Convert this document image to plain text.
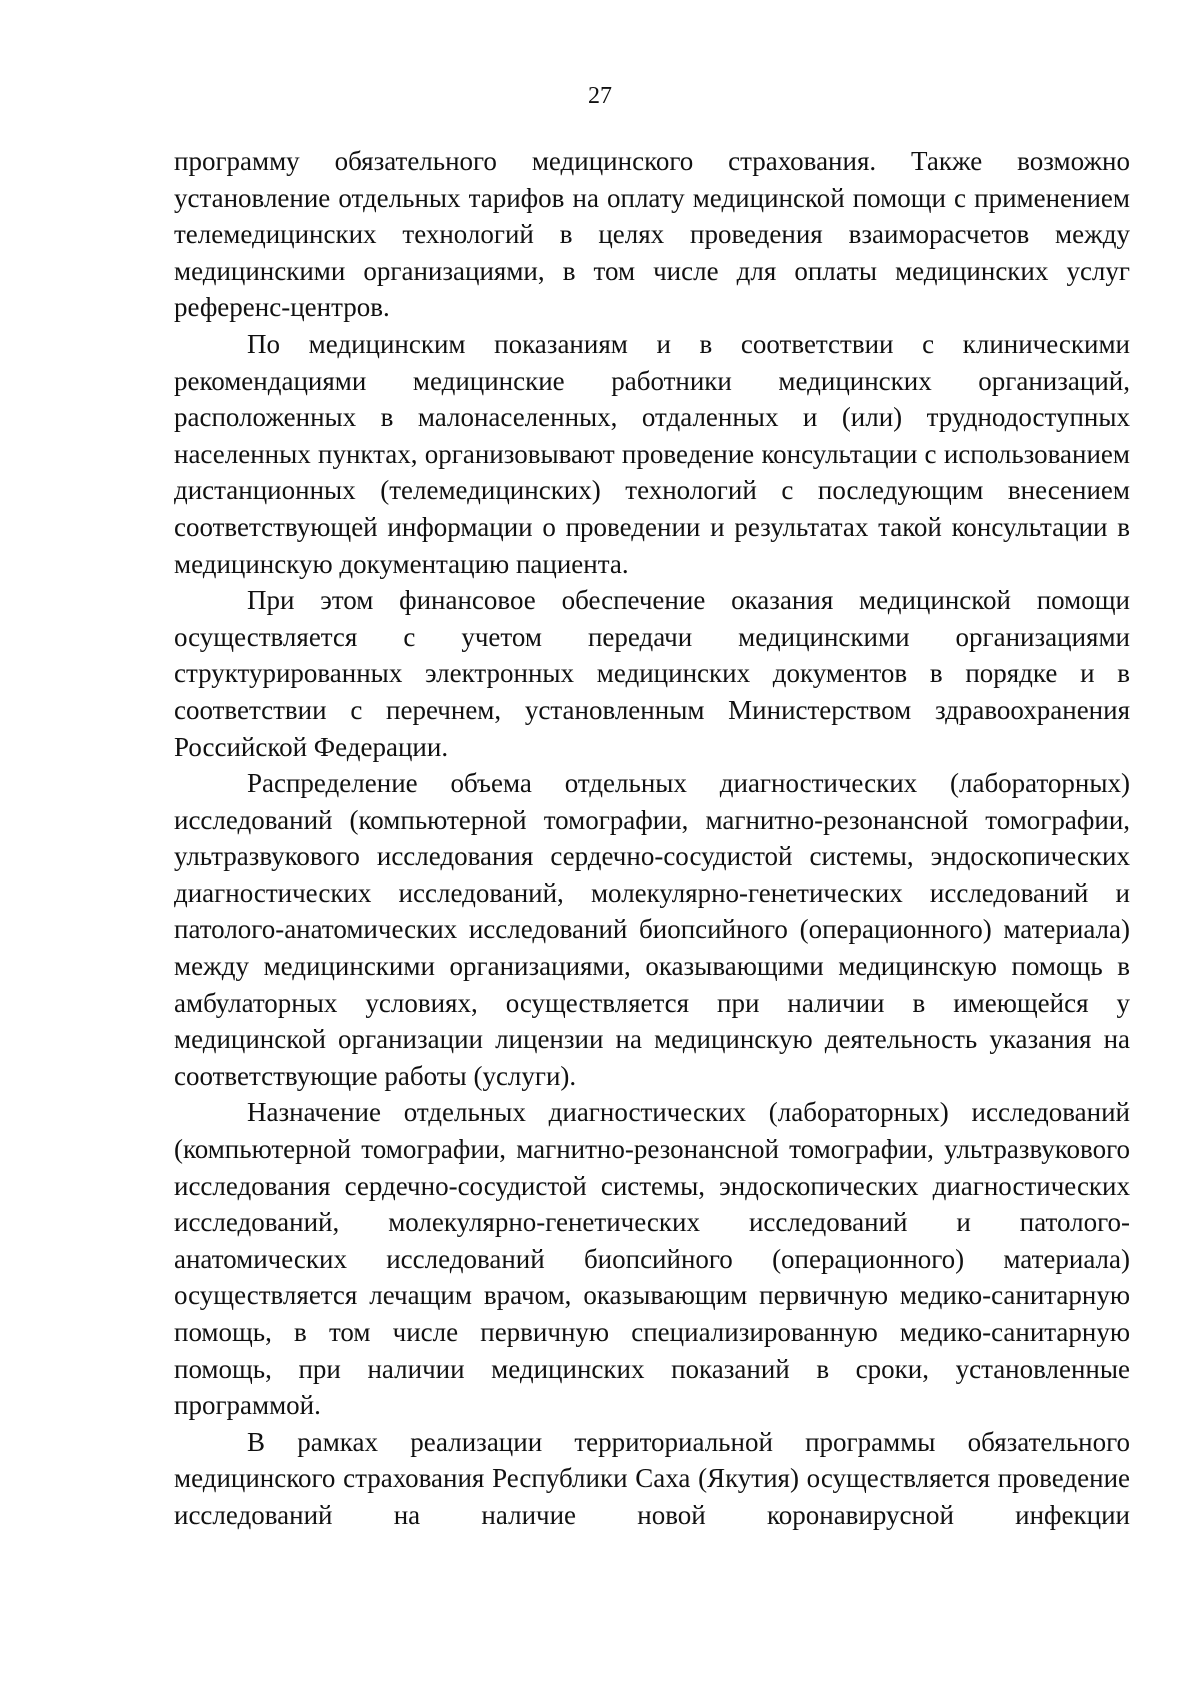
27

программу обязательного медицинского страхования. Также возможно установление отдельных тарифов на оплату медицинской помощи с применением телемедицинских технологий в целях проведения взаиморасчетов между медицинскими организациями, в том числе для оплаты медицинских услуг референс-центров.

По медицинским показаниям и в соответствии с клиническими рекомендациями медицинские работники медицинских организаций, расположенных в малонаселенных, отдаленных и (или) труднодоступных населенных пунктах, организовывают проведение консультации с использованием дистанционных (телемедицинских) технологий с последующим внесением соответствующей информации о проведении и результатах такой консультации в медицинскую документацию пациента.

При этом финансовое обеспечение оказания медицинской помощи осуществляется с учетом передачи медицинскими организациями структурированных электронных медицинских документов в порядке и в соответствии с перечнем, установленным Министерством здравоохранения Российской Федерации.

Распределение объема отдельных диагностических (лабораторных) исследований (компьютерной томографии, магнитно-резонансной томографии, ультразвукового исследования сердечно-сосудистой системы, эндоскопических диагностических исследований, молекулярно-генетических исследований и патолого-анатомических исследований биопсийного (операционного) материала) между медицинскими организациями, оказывающими медицинскую помощь в амбулаторных условиях, осуществляется при наличии в имеющейся у медицинской организации лицензии на медицинскую деятельность указания на соответствующие работы (услуги).

Назначение отдельных диагностических (лабораторных) исследований (компьютерной томографии, магнитно-резонансной томографии, ультразвукового исследования сердечно-сосудистой системы, эндоскопических диагностических исследований, молекулярно-генетических исследований и патолого-анатомических исследований биопсийного (операционного) материала) осуществляется лечащим врачом, оказывающим первичную медико-санитарную помощь, в том числе первичную специализированную медико-санитарную помощь, при наличии медицинских показаний в сроки, установленные программой.

В рамках реализации территориальной программы обязательного медицинского страхования Республики Саха (Якутия) осуществляется проведение исследований на наличие новой коронавирусной инфекции
